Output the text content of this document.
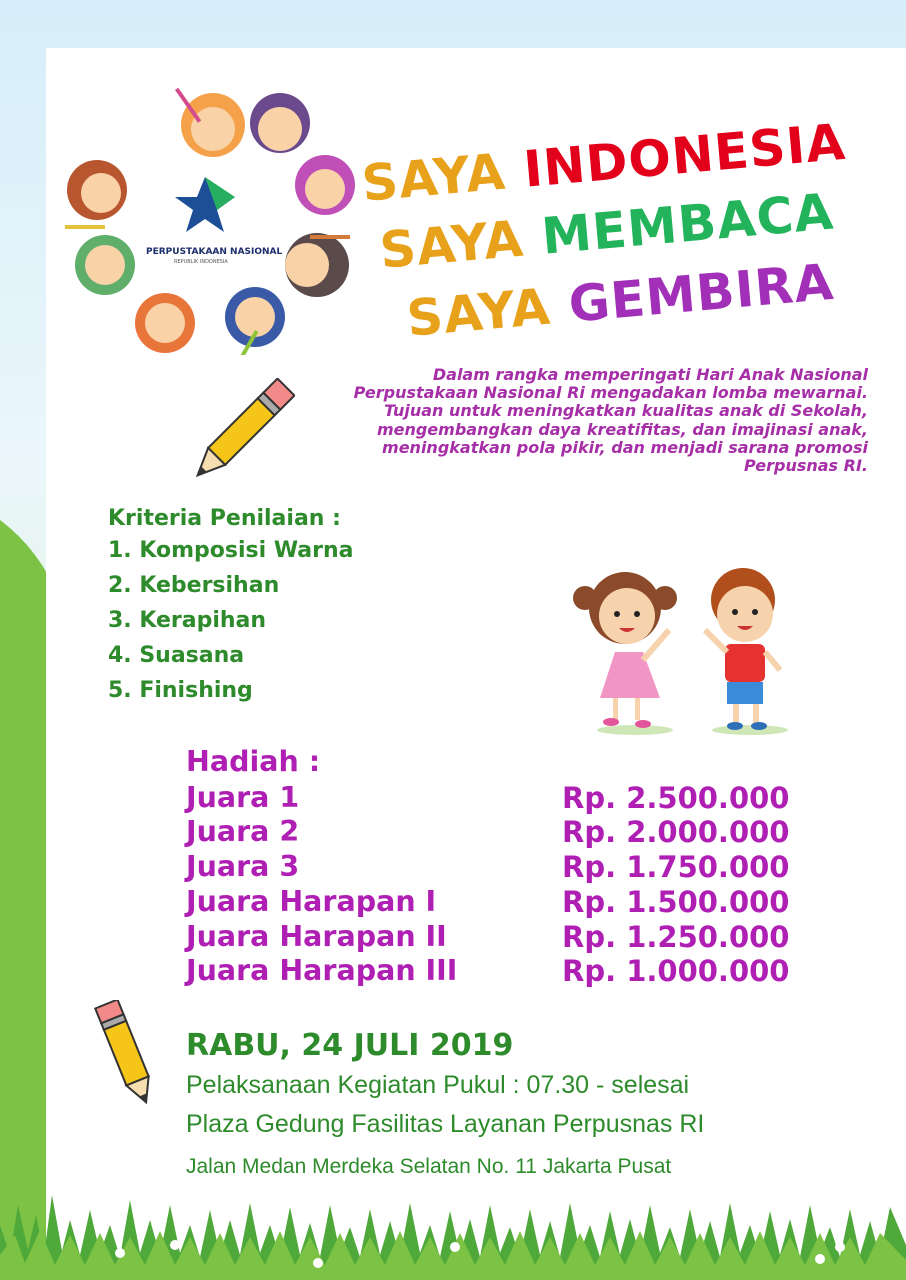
PERPUSTAKAAN NASIONAL
REPUBLIK INDONESIA
SAYA INDONESIA
SAYA MEMBACA
SAYA GEMBIRA
Dalam rangka memperingati Hari Anak Nasional Perpustakaan Nasional Ri mengadakan lomba mewarnai. Tujuan untuk meningkatkan kualitas anak di Sekolah, mengembangkan daya kreatifitas, dan imajinasi anak, meningkatkan pola pikir, dan menjadi sarana promosi Perpusnas RI.
Kriteria Penilaian :
1. Komposisi Warna
2. Kebersihan
3. Kerapihan
4. Suasana
5. Finishing
Hadiah :
Juara 1	Rp. 2.500.000
Juara 2	Rp. 2.000.000
Juara 3	Rp. 1.750.000
Juara Harapan I	Rp. 1.500.000
Juara Harapan II	Rp. 1.250.000
Juara Harapan III	Rp. 1.000.000
RABU, 24 JULI 2019
Pelaksanaan Kegiatan Pukul : 07.30 - selesai
Plaza Gedung Fasilitas Layanan Perpusnas RI
Jalan Medan Merdeka Selatan No. 11 Jakarta Pusat
